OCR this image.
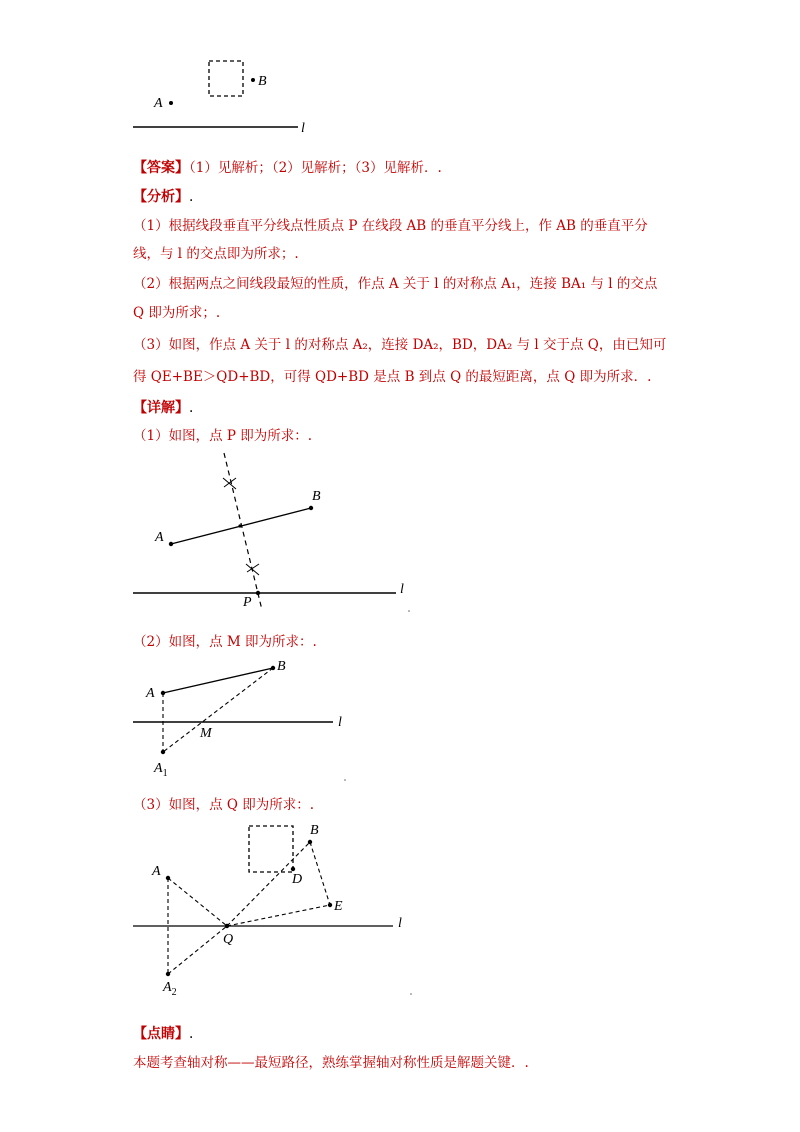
B
A
l
【答案】（1）见解析；（2）见解析；（3）见解析．.
【分析】.
（1）根据线段垂直平分线点性质点 P 在线段 AB 的垂直平分线上，作 AB 的垂直平分
线，与 l 的交点即为所求；.
（2）根据两点之间线段最短的性质，作点 A 关于 l 的对称点 A₁，连接 BA₁ 与 l 的交点
Q 即为所求；.
（3）如图，作点 A 关于 l 的对称点 A₂，连接 DA₂，BD，DA₂ 与 l 交于点 Q，由已知可
得 QE+BE＞QD+BD，可得 QD+BD 是点 B 到点 Q 的最短距离，点 Q 即为所求．.
【详解】.
（1）如图，点 P 即为所求：.
A
B
l
P
（2）如图，点 M 即为所求：.
l
A
B
M
$A_1$
（3）如图，点 Q 即为所求：.
l
A
B
D
E
Q
$A_2$
【点睛】.
本题考查轴对称——最短路径，熟练掌握轴对称性质是解题关键．.
